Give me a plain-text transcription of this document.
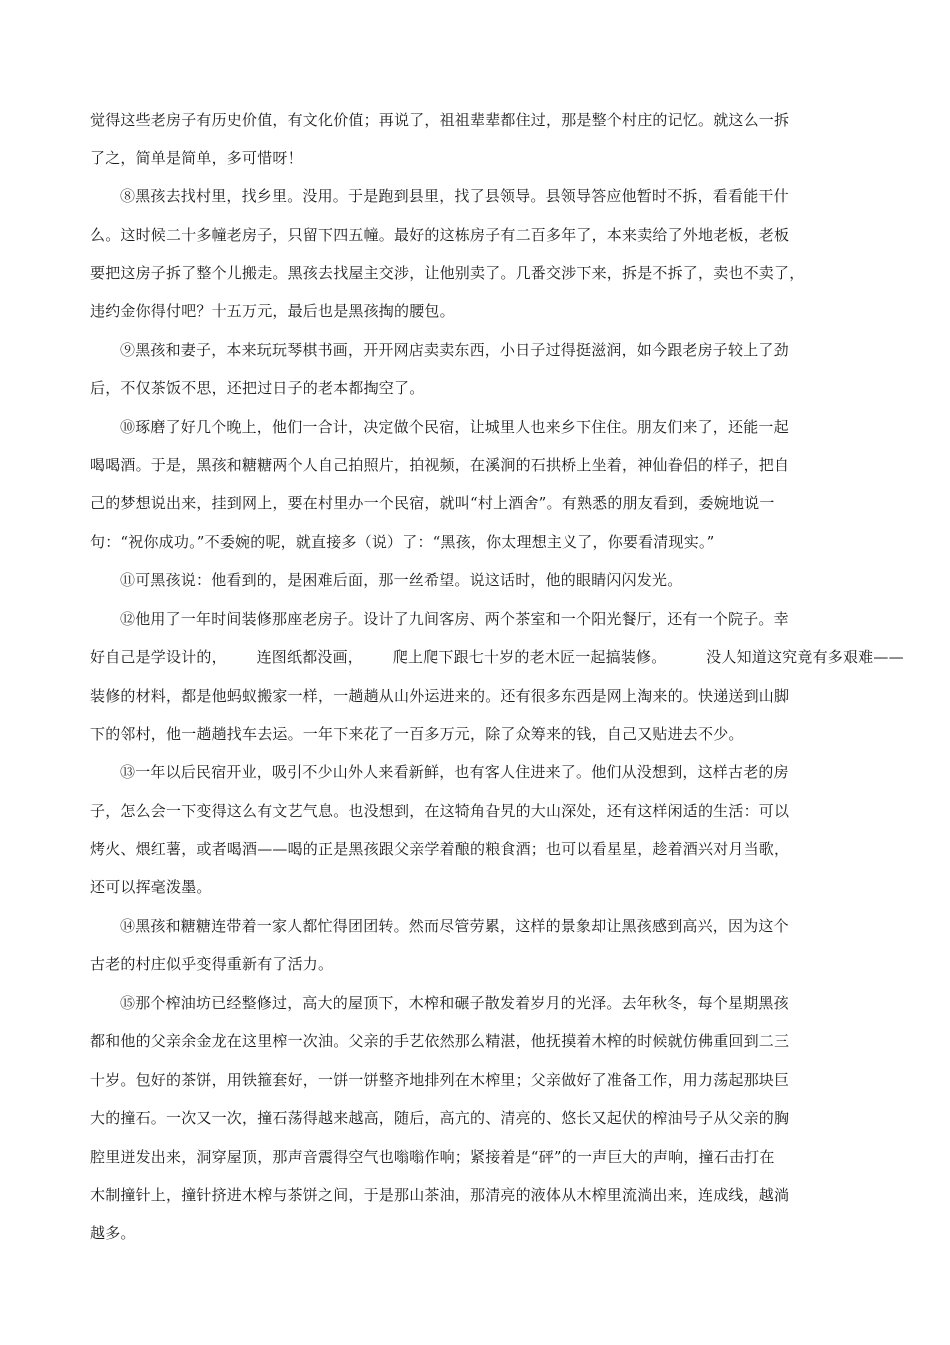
觉得这些老房子有历史价值，有文化价值；再说了，祖祖辈辈都住过，那是整个村庄的记忆。就这么一拆
了之，简单是简单，多可惜呀！
⑧黑孩去找村里，找乡里。没用。于是跑到县里，找了县领导。县领导答应他暂时不拆，看看能干什
么。这时候二十多幢老房子，只留下四五幢。最好的这栋房子有二百多年了，本来卖给了外地老板，老板
要把这房子拆了整个儿搬走。黑孩去找屋主交涉，让他别卖了。几番交涉下来，拆是不拆了，卖也不卖了，
违约金你得付吧？十五万元，最后也是黑孩掏的腰包。
⑨黑孩和妻子，本来玩玩琴棋书画，开开网店卖卖东西，小日子过得挺滋润，如今跟老房子较上了劲
后，不仅茶饭不思，还把过日子的老本都掏空了。
⑩琢磨了好几个晚上，他们一合计，决定做个民宿，让城里人也来乡下住住。朋友们来了，还能一起
喝喝酒。于是，黑孩和糖糖两个人自己拍照片，拍视频，在溪涧的石拱桥上坐着，神仙眷侣的样子，把自
己的梦想说出来，挂到网上，要在村里办一个民宿，就叫“村上酒舍”。有熟悉的朋友看到，委婉地说一
句：“祝你成功。”不委婉的呢，就直接多（说）了：“黑孩，你太理想主义了，你要看清现实。”
⑪可黑孩说：他看到的，是困难后面，那一丝希望。说这话时，他的眼睛闪闪发光。
⑫他用了一年时间装修那座老房子。设计了九间客房、两个茶室和一个阳光餐厅，还有一个院子。幸
好自己是学设计的，      连图纸都没画，      爬上爬下跟七十岁的老木匠一起搞装修。        没人知道这究竟有多艰难——
装修的材料，都是他蚂蚁搬家一样，一趟趟从山外运进来的。还有很多东西是网上淘来的。快递送到山脚
下的邻村，他一趟趟找车去运。一年下来花了一百多万元，除了众筹来的钱，自己又贴进去不少。
⑬一年以后民宿开业，吸引不少山外人来看新鲜，也有客人住进来了。他们从没想到，这样古老的房
子，怎么会一下变得这么有文艺气息。也没想到，在这犄角旮旯的大山深处，还有这样闲适的生活：可以
烤火、煨红薯，或者喝酒——喝的正是黑孩跟父亲学着酿的粮食酒；也可以看星星，趁着酒兴对月当歌，
还可以挥毫泼墨。
⑭黑孩和糖糖连带着一家人都忙得团团转。然而尽管劳累，这样的景象却让黑孩感到高兴，因为这个
古老的村庄似乎变得重新有了活力。
⑮那个榨油坊已经整修过，高大的屋顶下，木榨和碾子散发着岁月的光泽。去年秋冬，每个星期黑孩
都和他的父亲余金龙在这里榨一次油。父亲的手艺依然那么精湛，他抚摸着木榨的时候就仿佛重回到二三
十岁。包好的茶饼，用铁箍套好，一饼一饼整齐地排列在木榨里；父亲做好了准备工作，用力荡起那块巨
大的撞石。一次又一次，撞石荡得越来越高，随后，高亢的、清亮的、悠长又起伏的榨油号子从父亲的胸
腔里迸发出来，洞穿屋顶，那声音震得空气也嗡嗡作响；紧接着是“砰”的一声巨大的声响，撞石击打在
木制撞针上，撞针挤进木榨与茶饼之间，于是那山茶油，那清亮的液体从木榨里流淌出来，连成线，越淌
越多。
